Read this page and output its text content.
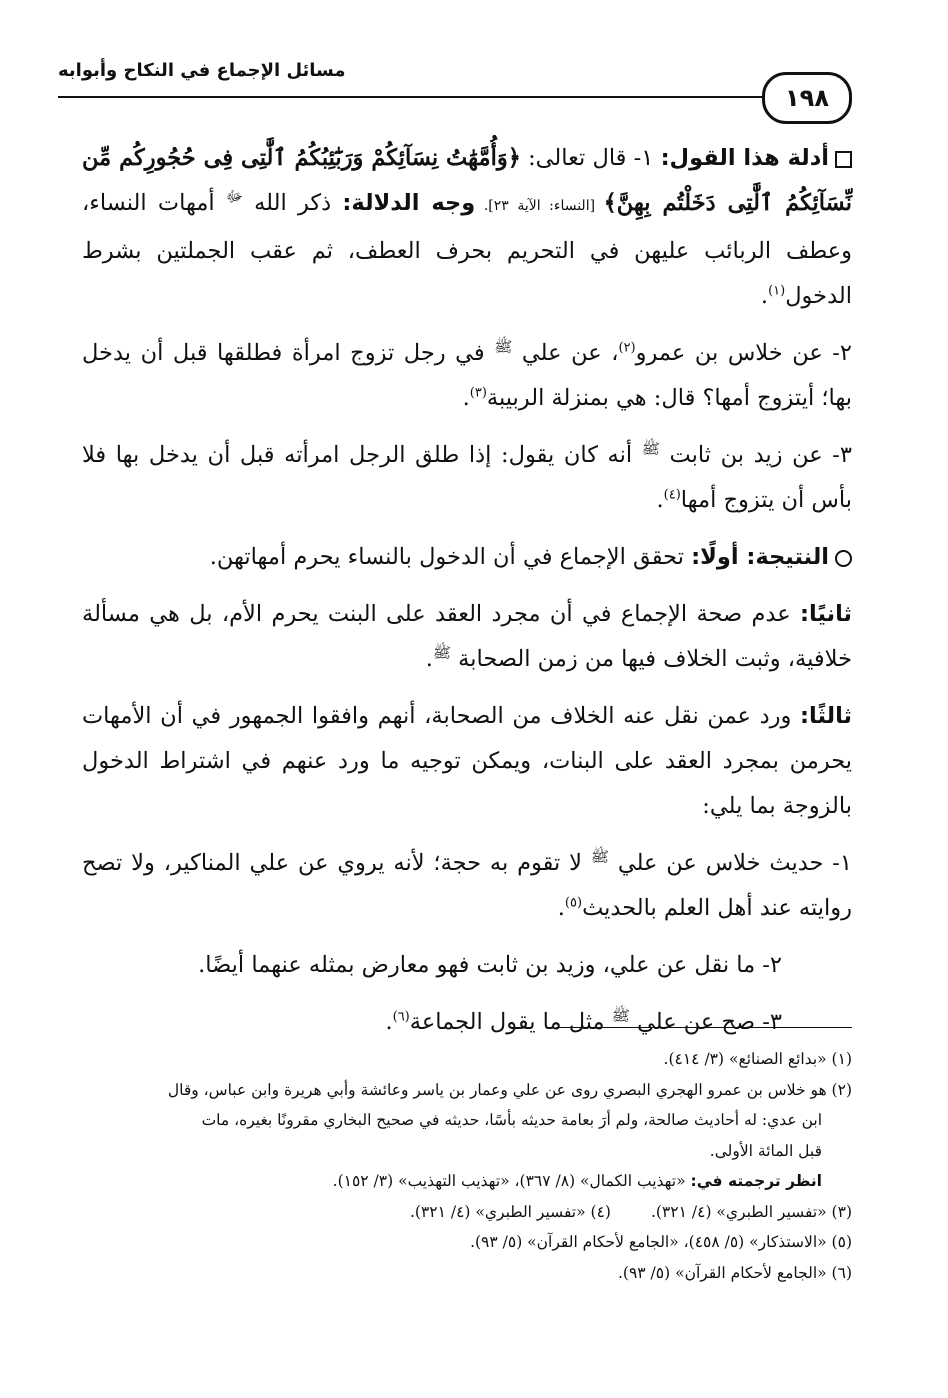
مسائل الإجماع في النكاح وأبوابه
١٩٨

أدلة هذا القول: ١- قال تعالى: ﴿وَأُمَّهَٰتُ نِسَآئِكُمْ وَرَبَٰٓئِبُكُمُ ٱلَّٰتِى فِى حُجُورِكُم مِّن نِّسَآئِكُمُ ٱلَّٰتِى دَخَلْتُم بِهِنَّ﴾ [النساء: الآية ٢٣]. وجه الدلالة: ذكر الله $^ﷻ$ أمهات النساء، وعطف الربائب عليهن في التحريم بحرف العطف، ثم عقب الجملتين بشرط الدخول$^{(١)}$.

٢- عن خلاس بن عمرو$^{(٢)}$، عن علي $^ﷺ$ في رجل تزوج امرأة فطلقها قبل أن يدخل بها؛ أيتزوج أمها؟ قال: هي بمنزلة الربيبة$^{(٣)}$.

٣- عن زيد بن ثابت $^ﷺ$ أنه كان يقول: إذا طلق الرجل امرأته قبل أن يدخل بها فلا بأس أن يتزوج أمها$^{(٤)}$.

النتيجة: أولًا: تحقق الإجماع في أن الدخول بالنساء يحرم أمهاتهن.

ثانيًا: عدم صحة الإجماع في أن مجرد العقد على البنت يحرم الأم، بل هي مسألة خلافية، وثبت الخلاف فيها من زمن الصحابة $^ﷺ$.

ثالثًا: ورد عمن نقل عنه الخلاف من الصحابة، أنهم وافقوا الجمهور في أن الأمهات يحرمن بمجرد العقد على البنات، ويمكن توجيه ما ورد عنهم في اشتراط الدخول بالزوجة بما يلي:

١- حديث خلاس عن علي $^ﷺ$ لا تقوم به حجة؛ لأنه يروي عن علي المناكير، ولا تصح روايته عند أهل العلم بالحديث$^{(٥)}$.

٢- ما نقل عن علي، وزيد بن ثابت فهو معارض بمثله عنهما أيضًا.

٣- صح عن علي $^ﷺ$ مثل ما يقول الجماعة$^{(٦)}$.

(١) «بدائع الصنائع» (٣/ ٤١٤).

(٢) هو خلاس بن عمرو الهجري البصري روى عن علي وعمار بن ياسر وعائشة وأبي هريرة وابن عباس، وقال

ابن عدي: له أحاديث صالحة، ولم أرَ بعامة حديثه بأسًا، حديثه في صحيح البخاري مقرونًا بغيره، مات

قبل المائة الأولى.

انظر ترجمته في: «تهذيب الكمال» (٨/ ٣٦٧)، «تهذيب التهذيب» (٣/ ١٥٢).

(٣) «تفسير الطبري» (٤/ ٣٢١).(٤) «تفسير الطبري» (٤/ ٣٢١).

(٥) «الاستذكار» (٥/ ٤٥٨)، «الجامع لأحكام القرآن» (٥/ ٩٣).

(٦) «الجامع لأحكام القرآن» (٥/ ٩٣).
